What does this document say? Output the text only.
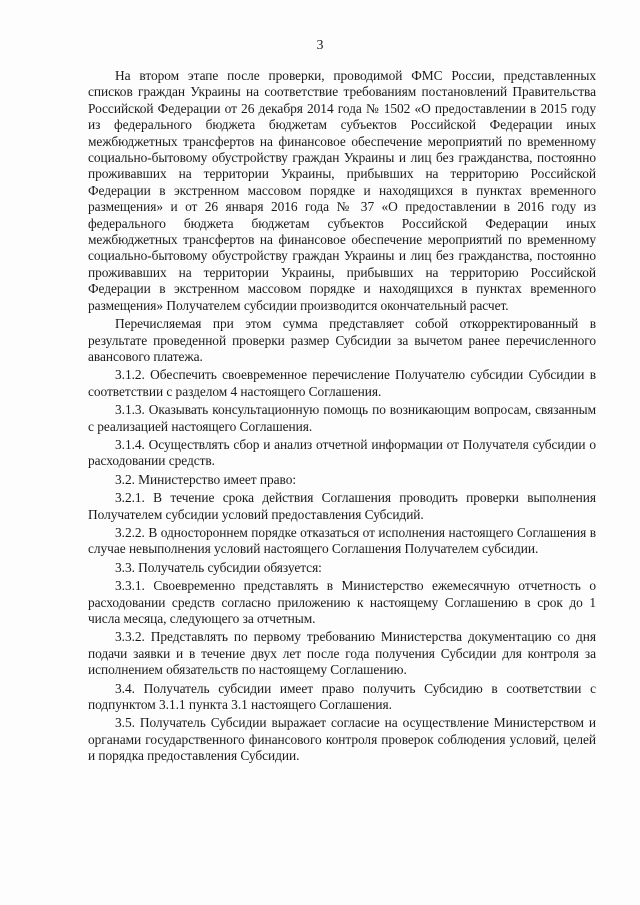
3

На втором этапе после проверки, проводимой ФМС России, представленных списков граждан Украины на соответствие требованиям постановлений Правительства Российской Федерации от 26 декабря 2014 года № 1502 «О предоставлении в 2015 году из федерального бюджета бюджетам субъектов Российской Федерации иных межбюджетных трансфертов на финансовое обеспечение мероприятий по временному социально-бытовому обустройству граждан Украины и лиц без гражданства, постоянно проживавших на территории Украины, прибывших на территорию Российской Федерации в экстренном массовом порядке и находящихся в пунктах временного размещения» и от 26 января 2016 года № 37 «О предоставлении в 2016 году из федерального бюджета бюджетам субъектов Российской Федерации иных межбюджетных трансфертов на финансовое обеспечение мероприятий по временному социально-бытовому обустройству граждан Украины и лиц без гражданства, постоянно проживавших на территории Украины, прибывших на территорию Российской Федерации в экстренном массовом порядке и находящихся в пунктах временного размещения» Получателем субсидии производится окончательный расчет.

Перечисляемая при этом сумма представляет собой откорректированный в результате проведенной проверки размер Субсидии за вычетом ранее перечисленного авансового платежа.

3.1.2. Обеспечить своевременное перечисление Получателю субсидии Субсидии в соответствии с разделом 4 настоящего Соглашения.

3.1.3. Оказывать консультационную помощь по возникающим вопросам, связанным с реализацией настоящего Соглашения.

3.1.4. Осуществлять сбор и анализ отчетной информации от Получателя субсидии о расходовании средств.

3.2. Министерство имеет право:

3.2.1. В течение срока действия Соглашения проводить проверки выполнения Получателем субсидии условий предоставления Субсидий.

3.2.2. В одностороннем порядке отказаться от исполнения настоящего Соглашения в случае невыполнения условий настоящего Соглашения Получателем субсидии.

3.3. Получатель субсидии обязуется:

3.3.1. Своевременно представлять в Министерство ежемесячную отчетность о расходовании средств согласно приложению к настоящему Соглашению в срок до 1 числа месяца, следующего за отчетным.

3.3.2. Представлять по первому требованию Министерства документацию со дня подачи заявки и в течение двух лет после года получения Субсидии для контроля за исполнением обязательств по настоящему Соглашению.

3.4. Получатель субсидии имеет право получить Субсидию в соответствии с подпунктом 3.1.1 пункта 3.1 настоящего Соглашения.

3.5. Получатель Субсидии выражает согласие на осуществление Министерством и органами государственного финансового контроля проверок соблюдения условий, целей и порядка предоставления Субсидии.
